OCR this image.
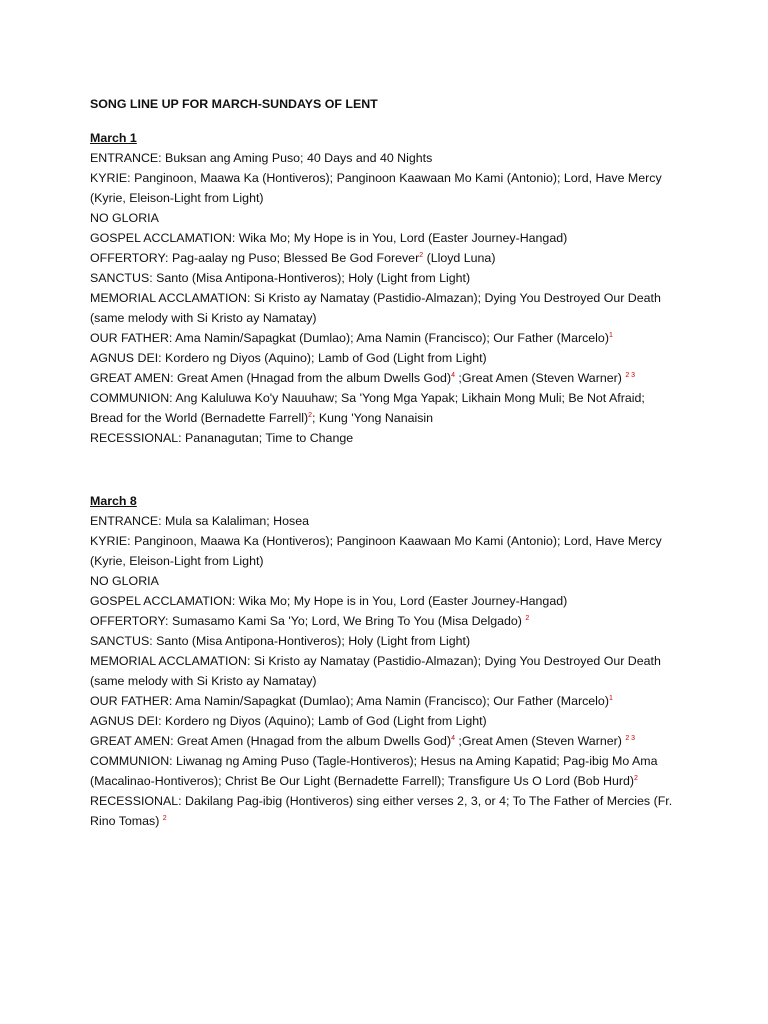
SONG LINE UP FOR MARCH-SUNDAYS OF LENT

March 1

ENTRANCE: Buksan ang Aming Puso; 40 Days and 40 Nights

KYRIE: Panginoon, Maawa Ka (Hontiveros); Panginoon Kaawaan Mo Kami (Antonio); Lord, Have Mercy

(Kyrie, Eleison-Light from Light)

NO GLORIA

GOSPEL ACCLAMATION: Wika Mo; My Hope is in You, Lord (Easter Journey-Hangad)

OFFERTORY: Pag-aalay ng Puso; Blessed Be God Forever$^2$ (Lloyd Luna)

SANCTUS: Santo (Misa Antipona-Hontiveros); Holy (Light from Light)

MEMORIAL ACCLAMATION: Si Kristo ay Namatay (Pastidio-Almazan); Dying You Destroyed Our Death

(same melody with Si Kristo ay Namatay)

OUR FATHER: Ama Namin/Sapagkat (Dumlao); Ama Namin (Francisco); Our Father (Marcelo)$^1$

AGNUS DEI: Kordero ng Diyos (Aquino); Lamb of God (Light from Light)

GREAT AMEN: Great Amen (Hnagad from the album Dwells God)$^4$ ;Great Amen (Steven Warner) $^{2 3}$

COMMUNION: Ang Kaluluwa Ko'y Nauuhaw; Sa 'Yong Mga Yapak; Likhain Mong Muli; Be Not Afraid;

Bread for the World (Bernadette Farrell)$^2$; Kung 'Yong Nanaisin

RECESSIONAL: Pananagutan; Time to Change

March 8

ENTRANCE: Mula sa Kalaliman; Hosea

KYRIE: Panginoon, Maawa Ka (Hontiveros); Panginoon Kaawaan Mo Kami (Antonio); Lord, Have Mercy

(Kyrie, Eleison-Light from Light)

NO GLORIA

GOSPEL ACCLAMATION: Wika Mo; My Hope is in You, Lord (Easter Journey-Hangad)

OFFERTORY: Sumasamo Kami Sa 'Yo; Lord, We Bring To You (Misa Delgado) $^2$

SANCTUS: Santo (Misa Antipona-Hontiveros); Holy (Light from Light)

MEMORIAL ACCLAMATION: Si Kristo ay Namatay (Pastidio-Almazan); Dying You Destroyed Our Death

(same melody with Si Kristo ay Namatay)

OUR FATHER: Ama Namin/Sapagkat (Dumlao); Ama Namin (Francisco); Our Father (Marcelo)$^1$

AGNUS DEI: Kordero ng Diyos (Aquino); Lamb of God (Light from Light)

GREAT AMEN: Great Amen (Hnagad from the album Dwells God)$^4$ ;Great Amen (Steven Warner) $^{2 3}$

COMMUNION: Liwanag ng Aming Puso (Tagle-Hontiveros); Hesus na Aming Kapatid; Pag-ibig Mo Ama

(Macalinao-Hontiveros); Christ Be Our Light (Bernadette Farrell); Transfigure Us O Lord (Bob Hurd)$^2$

RECESSIONAL: Dakilang Pag-ibig (Hontiveros) sing either verses 2, 3, or 4; To The Father of Mercies (Fr.

Rino Tomas) $^2$
